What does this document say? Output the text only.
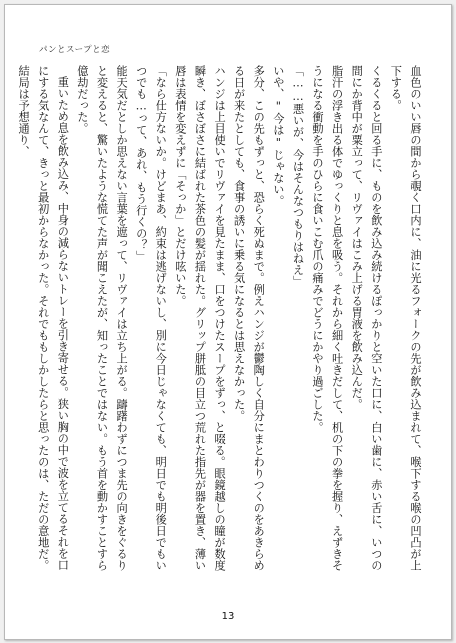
パンとスープと恋

血色のいい唇の間から覗く口内に、油に光るフォークの先が飲み込まれて、喉下する喉の凹凸が上下する。

くるくると回る手に、ものを飲み込み続けるぽっかりと空いた口に、白い歯に、赤い舌に、いつの間にか背中が粟立って、リヴァイはこみ上げる胃液を飲み込んだ。

脂汗の浮き出る体でゆっくりと息を吸う。それから細く吐きだして、机の下の拳を握り、えずきそうになる衝動を手のひらに食いこむ爪の痛みでどうにかやり過ごした。

「……悪いが、今はそんなつもりはねえ」

いや、"今は"じゃない。

多分、この先もずっと、恐らく死ぬまで。例えハンジが鬱陶しく自分にまとわりつくのをあきらめる日が来たとしても、食事の誘いに乗る気になるとは思えなかった。

ハンジは上目使いでリヴァイを見たまま、口をつけたスープをずっ、と啜る。眼鏡越しの瞳が数度瞬き、ぼさぼさに結ばれた茶色の髪が揺れた。グリップ胼胝の目立つ荒れた指先が器を置き、薄い唇は表情を変えずに「そっか」とだけ呟いた。

「なら仕方ないか。けどまあ、約束は逃げないし、別に今日じゃなくても、明日でも明後日でもいつでも…って、あれ、もう行くの？」

能天気だとしか思えない言葉を遮って、リヴァイは立ち上がる。躊躇わずにつま先の向きをぐるりと変えると、驚いたような慌てた声が聞こえたが、知ったことではない。もう首を動かすことすら億劫だった。

重いため息を飲み込み、中身の減らないトレーを引き寄せる。狭い胸の中で波を立てるそれを口にする気なんて、きっと最初からなかった。それでももしかしたらと思ったのは、ただの意地だ。結局は予想通り、

13
